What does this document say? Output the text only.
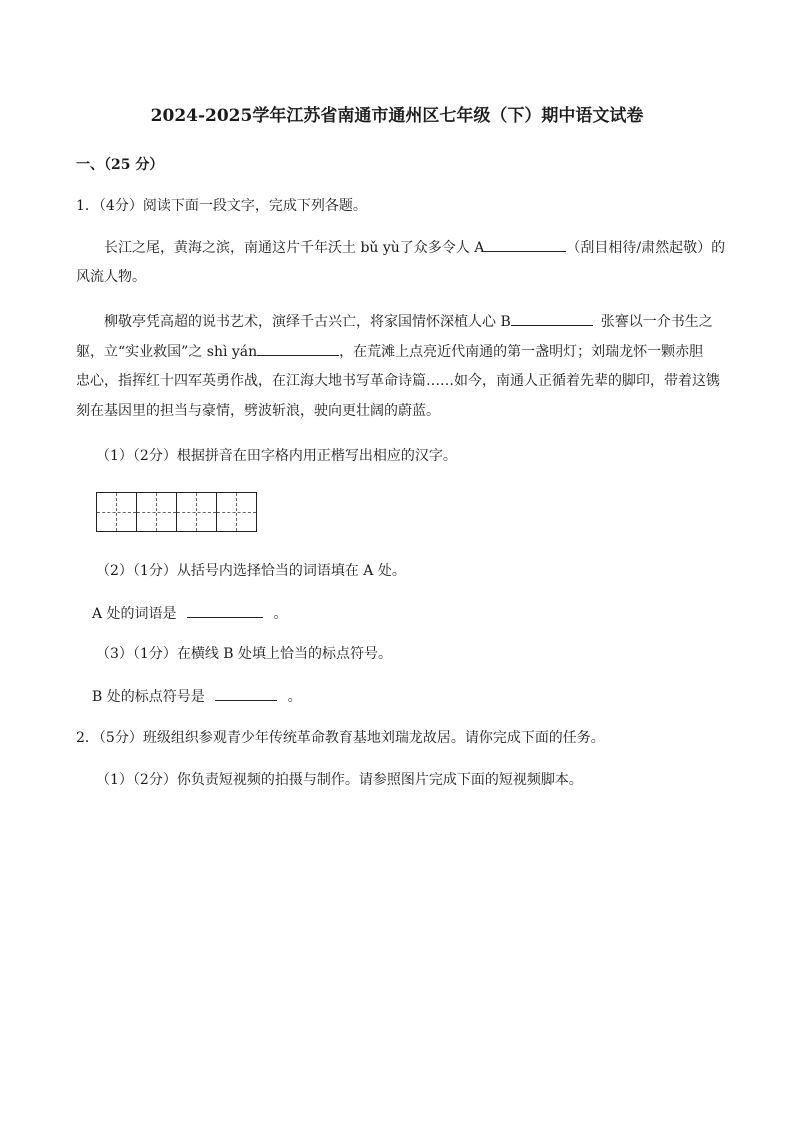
2024-2025学年江苏省南通市通州区七年级（下）期中语文试卷
一、（25 分）
1．（4分）阅读下面一段文字，完成下列各题。
长江之尾，黄海之滨，南通这片千年沃土 bǔ yù了众多令人 A	（刮目相待/肃然起敬）的
风流人物。
柳敬亭凭高超的说书艺术，演绎千古兴亡，将家国情怀深植人心 B	张謇以一介书生之
躯，立“实业救国”之 shì yán	，在荒滩上点亮近代南通的第一盏明灯；刘瑞龙怀一颗赤胆
忠心，指挥红十四军英勇作战，在江海大地书写革命诗篇……如今，南通人正循着先辈的脚印，带着这镌
刻在基因里的担当与豪情，劈波斩浪，驶向更壮阔的蔚蓝。
（1）（2分）根据拼音在田字格内用正楷写出相应的汉字。
（2）（1分）从括号内选择恰当的词语填在 A 处。
A 处的词语是	。
（3）（1分）在横线 B 处填上恰当的标点符号。
B 处的标点符号是	。
2．（5分）班级组织参观青少年传统革命教育基地刘瑞龙故居。请你完成下面的任务。
（1）（2分）你负责短视频的拍摄与制作。请参照图片完成下面的短视频脚本。
